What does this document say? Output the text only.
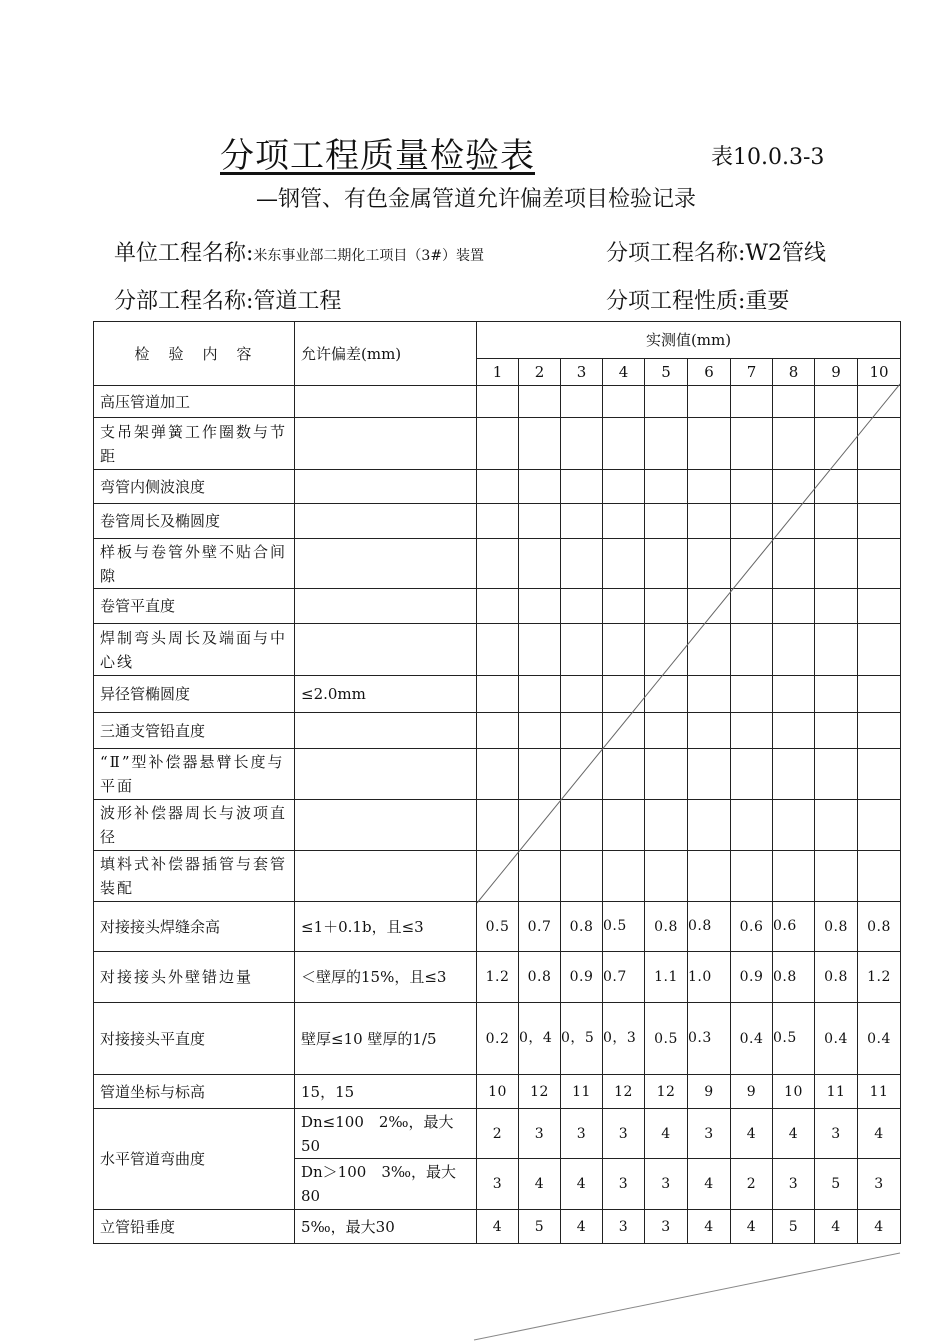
分项工程质量检验表	表10.0.3-3
—钢管、有色金属管道允许偏差项目检验记录
单位工程名称:米东事业部二期化工项目（3#）装置	分项工程名称:W2管线
分部工程名称:管道工程	分项工程性质:重要
检　验　内　容	允许偏差(mm)	实测值(mm)									
		1	2	3	4	5	6	7	8	9	10
高压管道加工											
支吊架弹簧工作圈数与节距											
弯管内侧波浪度											
卷管周长及椭圆度											
样板与卷管外壁不贴合间隙											
卷管平直度											
焊制弯头周长及端面与中心线											
异径管椭圆度	≤2.0mm										
三通支管铅直度											
“Ⅱ”型补偿器悬臂长度与平面											
波形补偿器周长与波项直径											
填料式补偿器插管与套管装配											
对接接头焊缝余高	≤1＋0.1b，且≤3	0.5	0.7	0.8	0.5	0.8	0.8	0.6	0.6	0.8	0.8
对接接头外壁错边量	＜壁厚的15%，且≤3	1.2	0.8	0.9	0.7	1.1	1.0	0.9	0.8	0.8	1.2
对接接头平直度	壁厚≤10 壁厚的1/5	0.2	0，4	0，5	0，3	0.5	0.3	0.4	0.5	0.4	0.4
管道坐标与标高	15，15	10	12	11	12	12	9	9	10	11	11
水平管道弯曲度	Dn≤100　2‰，最大50	2	3	3	3	4	3	4	4	3	4
	Dn＞100　3‰，最大80	3	4	4	3	3	4	2	3	5	3
立管铅垂度	5‰，最大30	4	5	4	3	3	4	4	5	4	4
